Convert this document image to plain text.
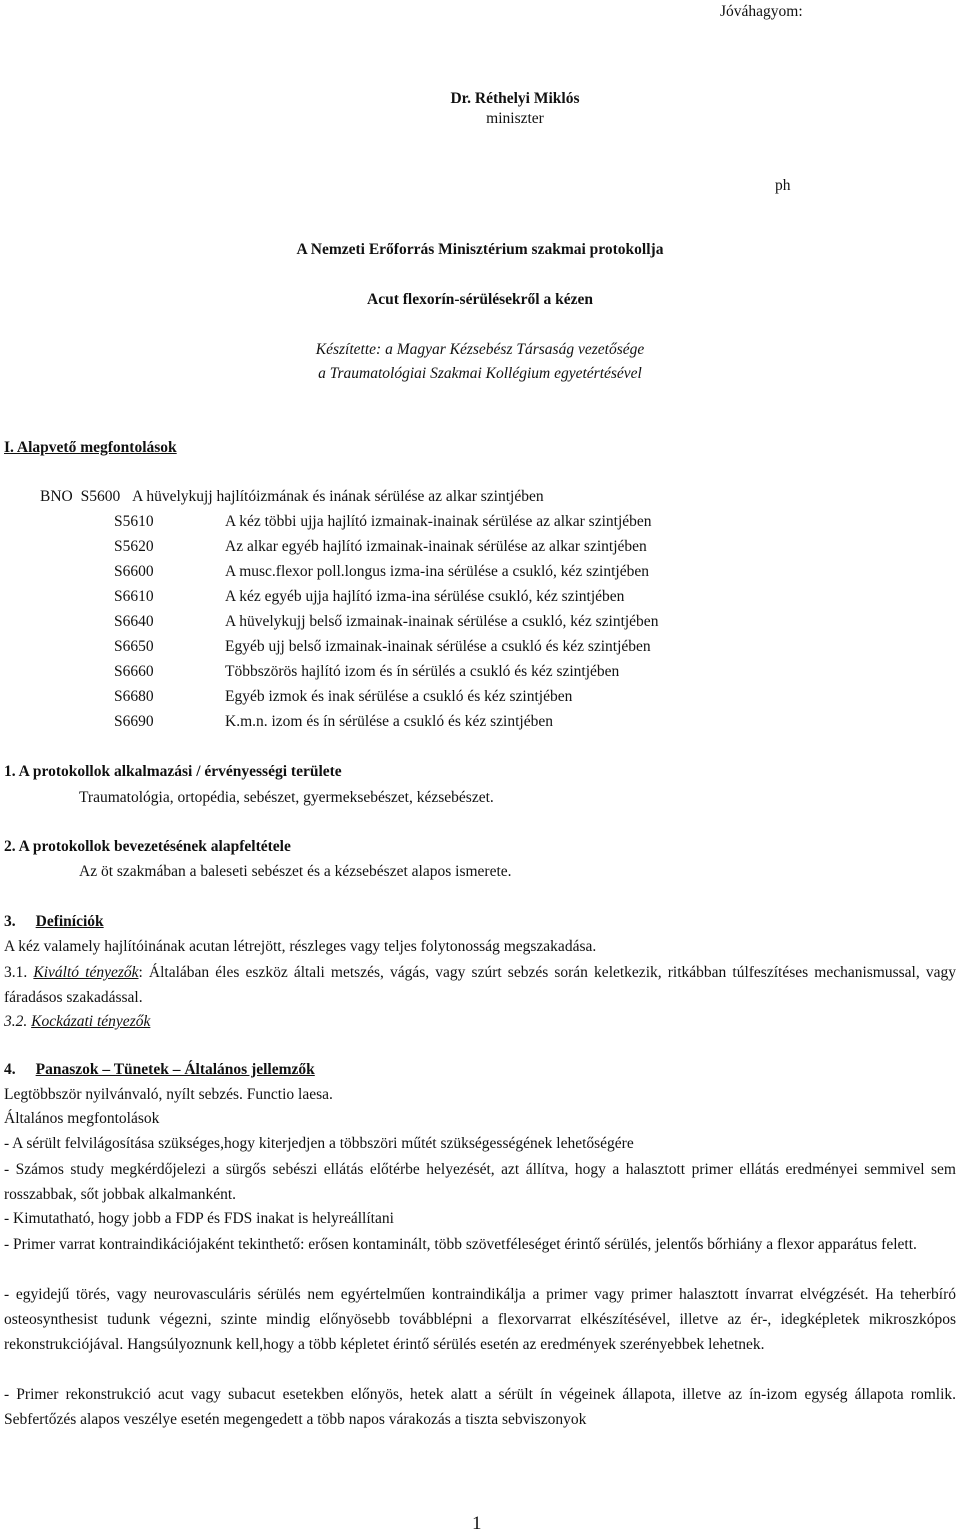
Jóváhagyom:
Dr. Réthelyi Miklós
miniszter
ph
A Nemzeti Erőforrás Minisztérium szakmai protokollja
Acut flexorín-sérülésekről a kézen
Készítette: a Magyar Kézsebész Társaság vezetősége
a Traumatológiai Szakmai Kollégium egyetértésével
I. Alapvető megfontolások
BNO S5600 A hüvelykujj hajlítóizmának és inának sérülése az alkar szintjében
S5610	A kéz többi ujja hajlító izmainak-inainak sérülése az alkar szintjében
S5620	Az alkar egyéb hajlító izmainak-inainak sérülése az alkar szintjében
S6600	A musc.flexor poll.longus izma-ina sérülése a csukló, kéz szintjében
S6610	A kéz egyéb ujja hajlító izma-ina sérülése csukló, kéz szintjében
S6640	A hüvelykujj belső izmainak-inainak sérülése a csukló, kéz szintjében
S6650	Egyéb ujj belső izmainak-inainak sérülése a csukló és kéz szintjében
S6660	Többszörös hajlító izom és ín sérülés a csukló és kéz szintjében
S6680	Egyéb izmok és inak sérülése a csukló és kéz szintjében
S6690	K.m.n. izom és ín sérülése a csukló és kéz szintjében
1. A protokollok alkalmazási / érvényességi területe
Traumatológia, ortopédia, sebészet, gyermeksebészet, kézsebészet.
2. A protokollok bevezetésének alapfeltétele
Az öt szakmában a baleseti sebészet és a kézsebészet alapos ismerete.
3. Definíciók
A kéz valamely hajlítóinának acutan létrejött, részleges vagy teljes folytonosság megszakadása.
3.1. Kiváltó tényezők: Általában éles eszköz általi metszés, vágás, vagy szúrt sebzés során keletkezik, ritkábban túlfeszítéses mechanismussal, vagy fáradásos szakadással.
3.2. Kockázati tényezők
4. Panaszok – Tünetek – Általános jellemzők
Legtöbbször nyilvánvaló, nyílt sebzés. Functio laesa.
Általános megfontolások
- A sérült felvilágosítása szükséges,hogy kiterjedjen a többszöri műtét szükségességének lehetőségére
- Számos study megkérdőjelezi a sürgős sebészi ellátás előtérbe helyezését, azt állítva, hogy a halasztott primer ellátás eredményei semmivel sem rosszabbak, sőt jobbak alkalmanként.
- Kimutatható, hogy jobb a FDP és FDS inakat is helyreállítani
- Primer varrat kontraindikációjaként tekinthető: erősen kontaminált, több szövetféleséget érintő sérülés, jelentős bőrhiány a flexor apparátus felett.
- egyidejű törés, vagy neurovasculáris sérülés nem egyértelműen kontraindikálja a primer vagy primer halasztott ínvarrat elvégzését. Ha teherbíró osteosynthesist tudunk végezni, szinte mindig előnyösebb továbblépni a flexorvarrat elkészítésével, illetve az ér-, idegképletek mikroszkópos rekonstrukciójával. Hangsúlyoznunk kell,hogy a több képletet érintő sérülés esetén az eredmények szerényebbek lehetnek.
- Primer rekonstrukció acut vagy subacut esetekben előnyös, hetek alatt a sérült ín végeinek állapota, illetve az ín-izom egység állapota romlik. Sebfertőzés alapos veszélye esetén megengedett a több napos várakozás a tiszta sebviszonyok
1
